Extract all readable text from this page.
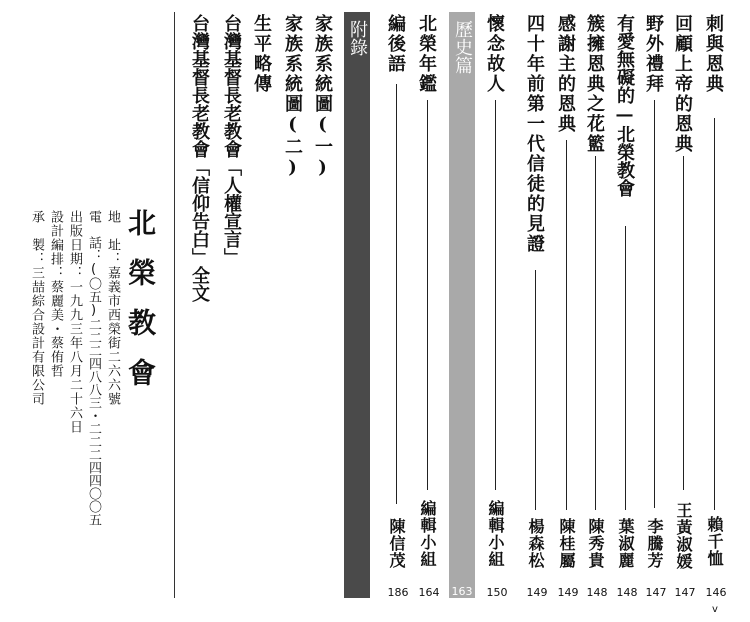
刺與恩典
賴千恤
146
回顧上帝的恩典
王黃淑媛
147
野外禮拜
李騰芳
147
有愛無礙的—北榮教會
葉淑麗
148
簇擁恩典之花籃
陳秀貴
148
感謝主的恩典
陳桂屬
149
四十年前第一代信徒的見證
楊森松
149
懷念故人
編輯小組
150
歷史篇
163
北榮年鑑
編輯小組
164
編後語
陳信茂
186
附錄
家族系統圖(一)
家族系統圖(二)
生平略傳
台灣基督長老教會「人權宣言」
台灣基督長老教會「信仰告白」全文
北榮教會
地　址：嘉義市西榮街二六六號
電　話：(〇五)二二二四八八三・二二二四四〇〇五
出版日期：一九九三年八月二十六日
設計編排：蔡麗美・蔡侑哲
承　製：三喆綜合設計有限公司
v
